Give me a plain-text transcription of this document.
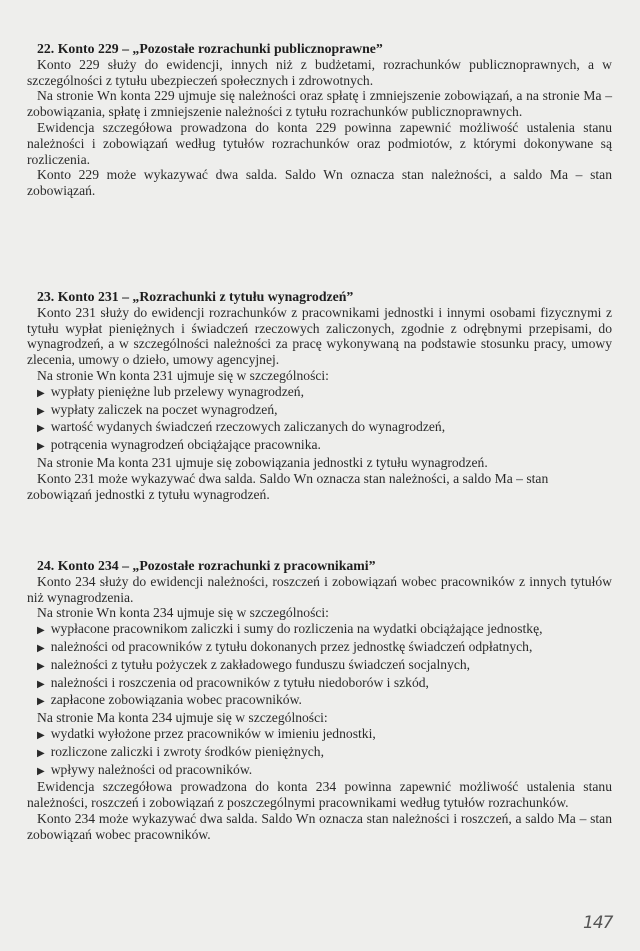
22. Konto 229 – „Pozostałe rozrachunki publicznoprawne”

Konto 229 służy do ewidencji, innych niż z budżetami, rozrachunków publicznoprawnych, a w szczególności z tytułu ubezpieczeń społecznych i zdrowotnych.

Na stronie Wn konta 229 ujmuje się należności oraz spłatę i zmniejszenie zobowiązań, a na stronie Ma – zobowiązania, spłatę i zmniejszenie należności z tytułu rozrachunków publicznoprawnych.

Ewidencja szczegółowa prowadzona do konta 229 powinna zapewnić możliwość ustalenia stanu należności i zobowiązań według tytułów rozrachunków oraz podmiotów, z którymi dokonywane są rozliczenia.

Konto 229 może wykazywać dwa salda. Saldo Wn oznacza stan należności, a saldo Ma – stan zobowiązań.

23. Konto 231 – „Rozrachunki z tytułu wynagrodzeń”

Konto 231 służy do ewidencji rozrachunków z pracownikami jednostki i innymi osobami fizycznymi z tytułu wypłat pieniężnych i świadczeń rzeczowych zaliczonych, zgodnie z odrębnymi przepisami, do wynagrodzeń, a w szczególności należności za pracę wykonywaną na podstawie stosunku pracy, umowy zlecenia, umowy o dzieło, umowy agencyjnej.

Na stronie Wn konta 231 ujmuje się w szczególności:

▶ wypłaty pieniężne lub przelewy wynagrodzeń,

▶ wypłaty zaliczek na poczet wynagrodzeń,

▶ wartość wydanych świadczeń rzeczowych zaliczanych do wynagrodzeń,

▶ potrącenia wynagrodzeń obciążające pracownika.

Na stronie Ma konta 231 ujmuje się zobowiązania jednostki z tytułu wynagrodzeń.

Konto 231 może wykazywać dwa salda. Saldo Wn oznacza stan należności, a saldo Ma – stan zobowiązań jednostki z tytułu wynagrodzeń.

24. Konto 234 – „Pozostałe rozrachunki z pracownikami”

Konto 234 służy do ewidencji należności, roszczeń i zobowiązań wobec pracowników z innych tytułów niż wynagrodzenia.

Na stronie Wn konta 234 ujmuje się w szczególności:

▶ wypłacone pracownikom zaliczki i sumy do rozliczenia na wydatki obciążające jednostkę,

▶ należności od pracowników z tytułu dokonanych przez jednostkę świadczeń odpłatnych,

▶ należności z tytułu pożyczek z zakładowego funduszu świadczeń socjalnych,

▶ należności i roszczenia od pracowników z tytułu niedoborów i szkód,

▶ zapłacone zobowiązania wobec pracowników.

Na stronie Ma konta 234 ujmuje się w szczególności:

▶ wydatki wyłożone przez pracowników w imieniu jednostki,

▶ rozliczone zaliczki i zwroty środków pieniężnych,

▶ wpływy należności od pracowników.

Ewidencja szczegółowa prowadzona do konta 234 powinna zapewnić możliwość ustalenia stanu należności, roszczeń i zobowiązań z poszczególnymi pracownikami według tytułów rozrachunków.

Konto 234 może wykazywać dwa salda. Saldo Wn oznacza stan należności i roszczeń, a saldo Ma – stan zobowiązań wobec pracowników.

147
